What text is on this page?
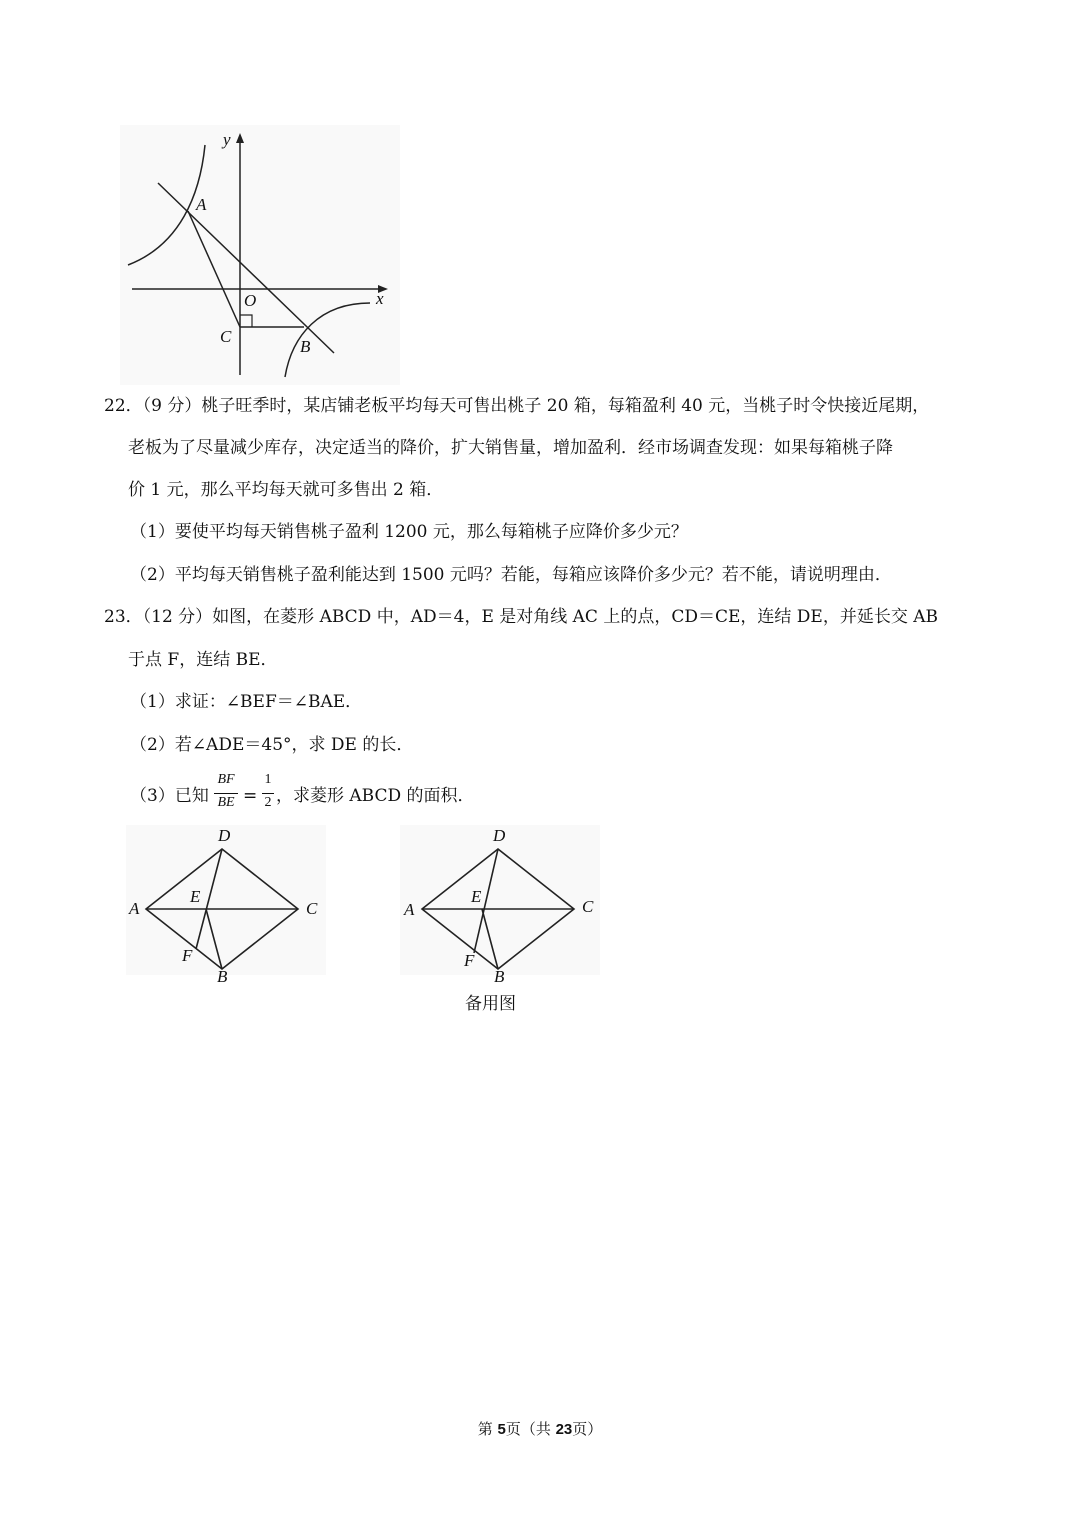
y
x
A
O
C
B
22．（9 分）桃子旺季时，某店铺老板平均每天可售出桃子 20 箱，每箱盈利 40 元，当桃子时令快接近尾期，
老板为了尽量减少库存，决定适当的降价，扩大销售量，增加盈利．经市场调查发现：如果每箱桃子降
价 1 元，那么平均每天就可多售出 2 箱．
（1）要使平均每天销售桃子盈利 1200 元，那么每箱桃子应降价多少元？
（2）平均每天销售桃子盈利能达到 1500 元吗？若能，每箱应该降价多少元？若不能，请说明理由．
23．（12 分）如图，在菱形 ABCD 中，AD＝4，E 是对角线 AC 上的点，CD＝CE，连结 DE，并延长交 AB
于点 F，连结 BE．
（1）求证：∠BEF＝∠BAE．
（2）若∠ADE＝45°，求 DE 的长．
（3）已知
BF
BE =
1
2 ，求菱形 ABCD 的面积．
D
A
E
C
F
B
D
A
E
C
F
B
备用图
第 5页（共 23页）
